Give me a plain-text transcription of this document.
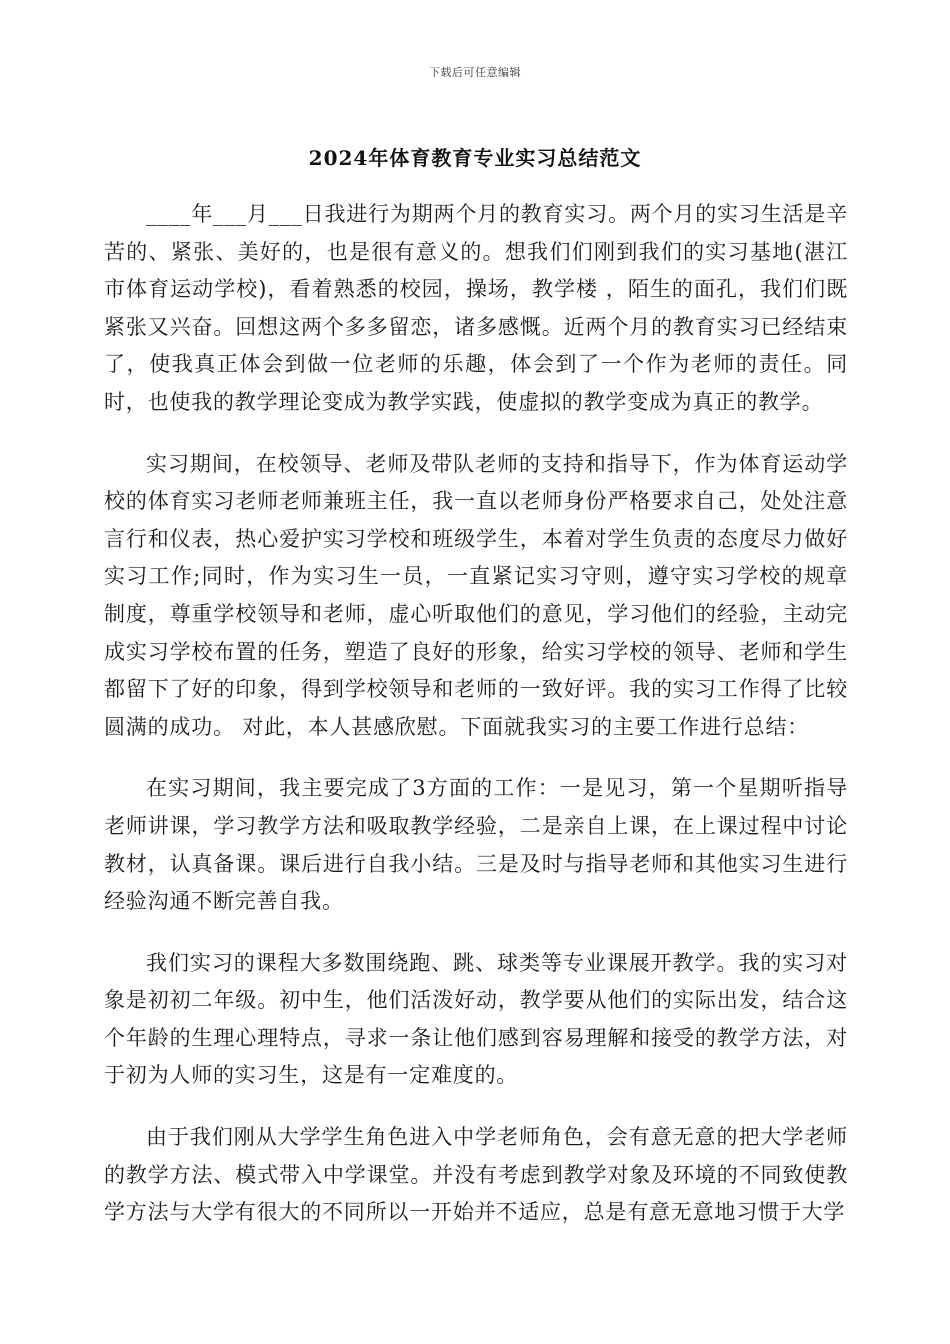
下载后可任意编辑
2024年体育教育专业实习总结范文

____年___月___日我进行为期两个月的教育实习。两个月的实习生活是辛苦的、紧张、美好的，也是很有意义的。想我们们刚到我们的实习基地(湛江市体育运动学校)，看着熟悉的校园，操场，教学楼 ，陌生的面孔，我们们既紧张又兴奋。回想这两个多多留恋，诸多感慨。近两个月的教育实习已经结束了，使我真正体会到做一位老师的乐趣，体会到了一个作为老师的责任。同时，也使我的教学理论变成为教学实践，使虚拟的教学变成为真正的教学。

实习期间，在校领导、老师及带队老师的支持和指导下，作为体育运动学校的体育实习老师老师兼班主任，我一直以老师身份严格要求自己，处处注意言行和仪表，热心爱护实习学校和班级学生，本着对学生负责的态度尽力做好实习工作;同时，作为实习生一员，一直紧记实习守则，遵守实习学校的规章制度，尊重学校领导和老师，虚心听取他们的意见，学习他们的经验，主动完成实习学校布置的任务，塑造了良好的形象，给实习学校的领导、老师和学生都留下了好的印象，得到学校领导和老师的一致好评。我的实习工作得了比较圆满的成功。 对此，本人甚感欣慰。下面就我实习的主要工作进行总结：

在实习期间，我主要完成了3方面的工作：一是见习，第一个星期听指导老师讲课，学习教学方法和吸取教学经验，二是亲自上课，在上课过程中讨论教材，认真备课。课后进行自我小结。三是及时与指导老师和其他实习生进行经验沟通不断完善自我。

我们实习的课程大多数围绕跑、跳、球类等专业课展开教学。我的实习对象是初初二年级。初中生，他们活泼好动，教学要从他们的实际出发，结合这个年龄的生理心理特点，寻求一条让他们感到容易理解和接受的教学方法，对于初为人师的实习生，这是有一定难度的。

由于我们刚从大学学生角色进入中学老师角色，会有意无意的把大学老师的教学方法、模式带入中学课堂。并没有考虑到教学对象及环境的不同致使教学方法与大学有很大的不同所以一开始并不适应，总是有意无意地习惯于大学
